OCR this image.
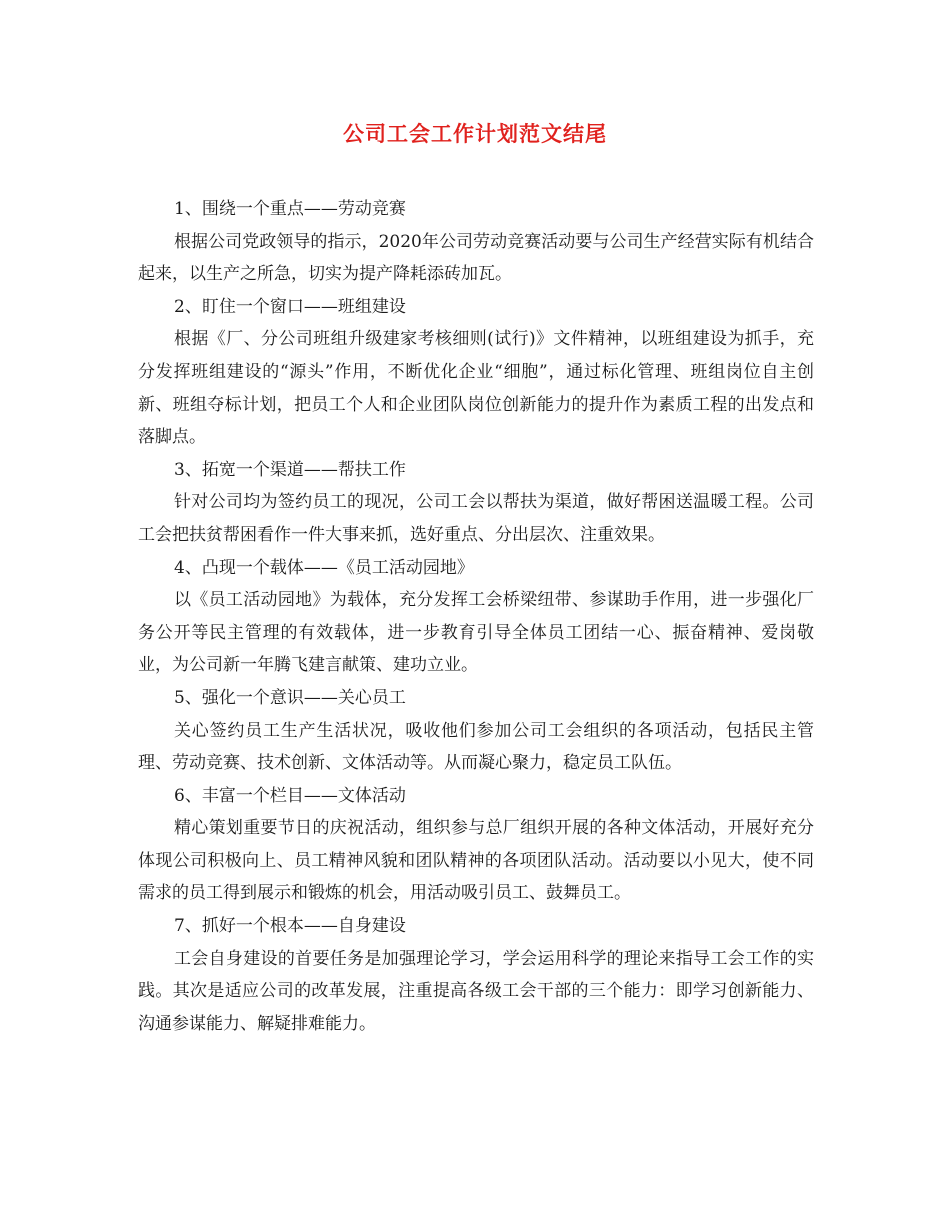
公司工会工作计划范文结尾

1、围绕一个重点——劳动竞赛

根据公司党政领导的指示，2020年公司劳动竞赛活动要与公司生产经营实际有机结合起来，以生产之所急，切实为提产降耗添砖加瓦。

2、盯住一个窗口——班组建设

根据《厂、分公司班组升级建家考核细则(试行)》文件精神，以班组建设为抓手，充分发挥班组建设的“源头”作用，不断优化企业“细胞”，通过标化管理、班组岗位自主创新、班组夺标计划，把员工个人和企业团队岗位创新能力的提升作为素质工程的出发点和落脚点。

3、拓宽一个渠道——帮扶工作

针对公司均为签约员工的现况，公司工会以帮扶为渠道，做好帮困送温暖工程。公司工会把扶贫帮困看作一件大事来抓，选好重点、分出层次、注重效果。

4、凸现一个载体——《员工活动园地》

以《员工活动园地》为载体，充分发挥工会桥梁纽带、参谋助手作用，进一步强化厂务公开等民主管理的有效载体，进一步教育引导全体员工团结一心、振奋精神、爱岗敬业，为公司新一年腾飞建言献策、建功立业。

5、强化一个意识——关心员工

关心签约员工生产生活状况，吸收他们参加公司工会组织的各项活动，包括民主管理、劳动竞赛、技术创新、文体活动等。从而凝心聚力，稳定员工队伍。

6、丰富一个栏目——文体活动

精心策划重要节日的庆祝活动，组织参与总厂组织开展的各种文体活动，开展好充分体现公司积极向上、员工精神风貌和团队精神的各项团队活动。活动要以小见大，使不同需求的员工得到展示和锻炼的机会，用活动吸引员工、鼓舞员工。

7、抓好一个根本——自身建设

工会自身建设的首要任务是加强理论学习，学会运用科学的理论来指导工会工作的实践。其次是适应公司的改革发展，注重提高各级工会干部的三个能力：即学习创新能力、沟通参谋能力、解疑排难能力。
